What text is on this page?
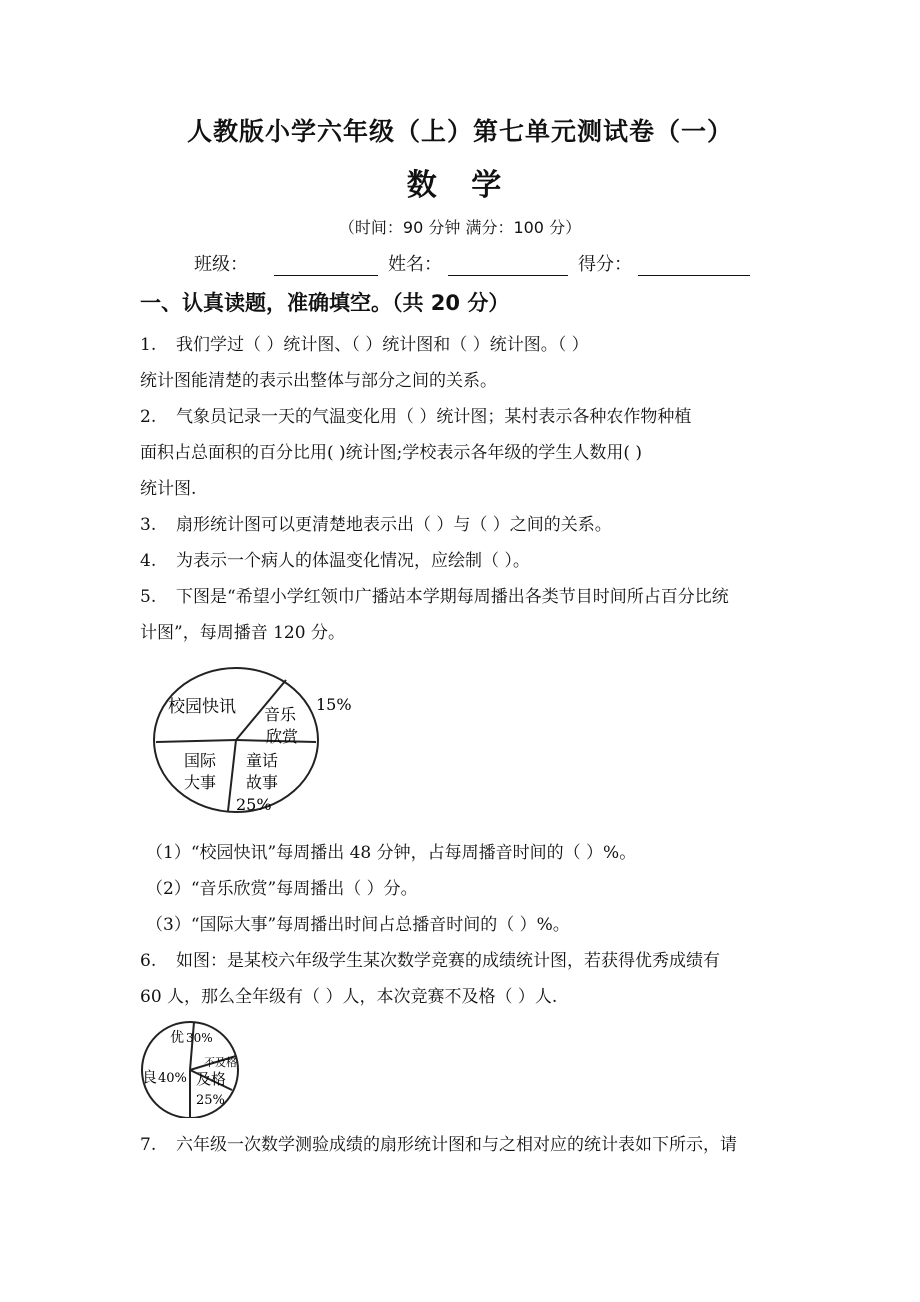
人教版小学六年级（上）第七单元测试卷（一）
数 学
（时间：90 分钟 满分：100 分）
班级：	姓名：	得分：
一、认真读题，准确填空。（共 20 分）
1. 我们学过（ ）统计图、（ ）统计图和（ ）统计图。（ ）
统计图能清楚的表示出整体与部分之间的关系。
2. 气象员记录一天的气温变化用（ ）统计图；某村表示各种农作物种植
面积占总面积的百分比用( )统计图;学校表示各年级的学生人数用( )
统计图.
3. 扇形统计图可以更清楚地表示出（ ）与（ ）之间的关系。
4. 为表示一个病人的体温变化情况，应绘制（ ）。
5. 下图是“希望小学红领巾广播站本学期每周播出各类节目时间所占百分比统
计图”，每周播音 120 分。
校园快讯 音乐
欣赏
15%
童话
故事
25%
国际
大事
（1）“校园快讯”每周播出 48 分钟，占每周播音时间的（ ）%。
（2）“音乐欣赏”每周播出（ ）分。
（3）“国际大事”每周播出时间占总播音时间的（ ）%。
6. 如图：是某校六年级学生某次数学竞赛的成绩统计图，若获得优秀成绩有
60 人，那么全年级有（ ）人，本次竞赛不及格（ ）人.
优 30%
不及格
及格
25%
良 40%
7. 六年级一次数学测验成绩的扇形统计图和与之相对应的统计表如下所示，请
